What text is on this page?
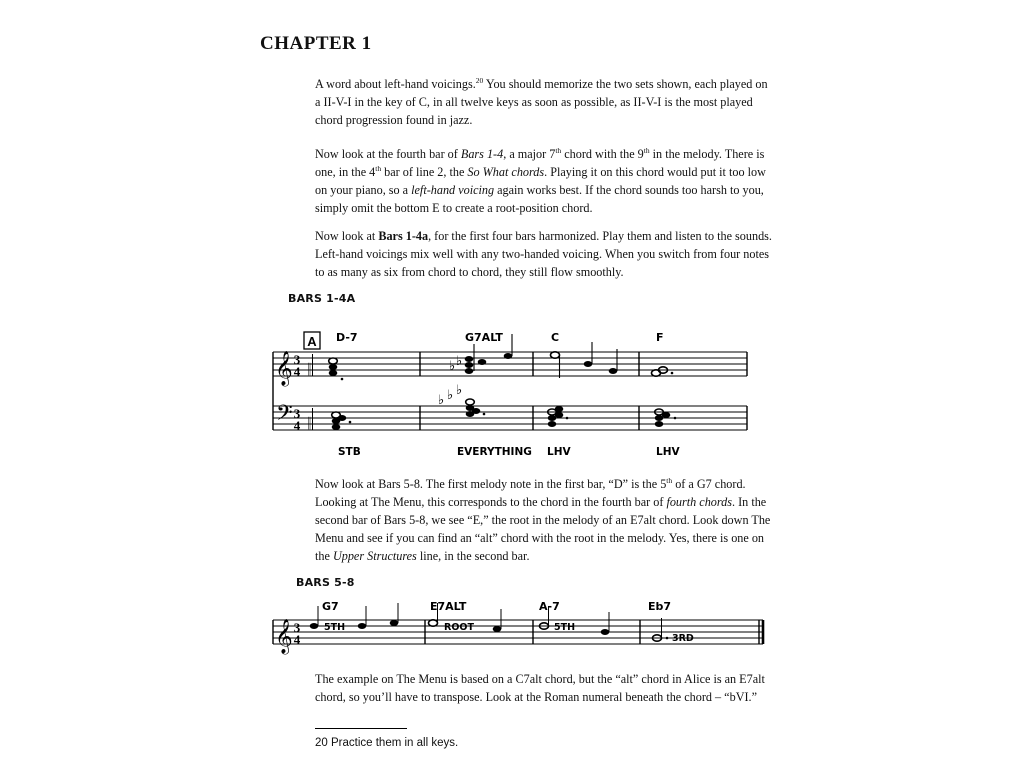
CHAPTER 1

A word about left-hand voicings.$^{20}$ You should memorize the two sets shown, each played on a II-V-I in the key of C, in all twelve keys as soon as possible, as II-V-I is the most played chord progression found in jazz.

Now look at the fourth bar of Bars 1-4, a major 7th chord with the 9th in the melody. There is one, in the 4th bar of line 2, the So What chords. Playing it on this chord would put it too low on your piano, so a left-hand voicing again works best. If the chord sounds too harsh to you, simply omit the bottom E to create a root-position chord.

Now look at Bars 1-4a, for the first four bars harmonized. Play them and listen to the sounds. Left-hand voicings mix well with any two-handed voicing. When you switch from four notes to as many as six from chord to chord, they still flow smoothly.

BARS 1-4A
A D-7	G7ALT	C	F
𝄞
𝄢
3
4
3
4
𝄁
𝄁
♭ ♭
♭ ♭ ♭
STB	EVERYTHING LHV	LHV

Now look at Bars 5-8. The first melody note in the first bar, “D” is the 5th of a G7 chord. Looking at The Menu, this corresponds to the chord in the fourth bar of fourth chords. In the second bar of Bars 5-8, we see “E,” the root in the melody of an E7alt chord. Look down The Menu and see if you can find an “alt” chord with the root in the melody. Yes, there is one on the Upper Structures line, in the second bar.

BARS 5-8
G7	E7ALT	A-7	Eb7
𝄞 3
4
5TH	ROOT	5TH
3RD

The example on The Menu is based on a C7alt chord, but the “alt” chord in Alice is an E7alt chord, so you’ll have to transpose. Look at the Roman numeral beneath the chord – “bVI.”

20 Practice them in all keys.
